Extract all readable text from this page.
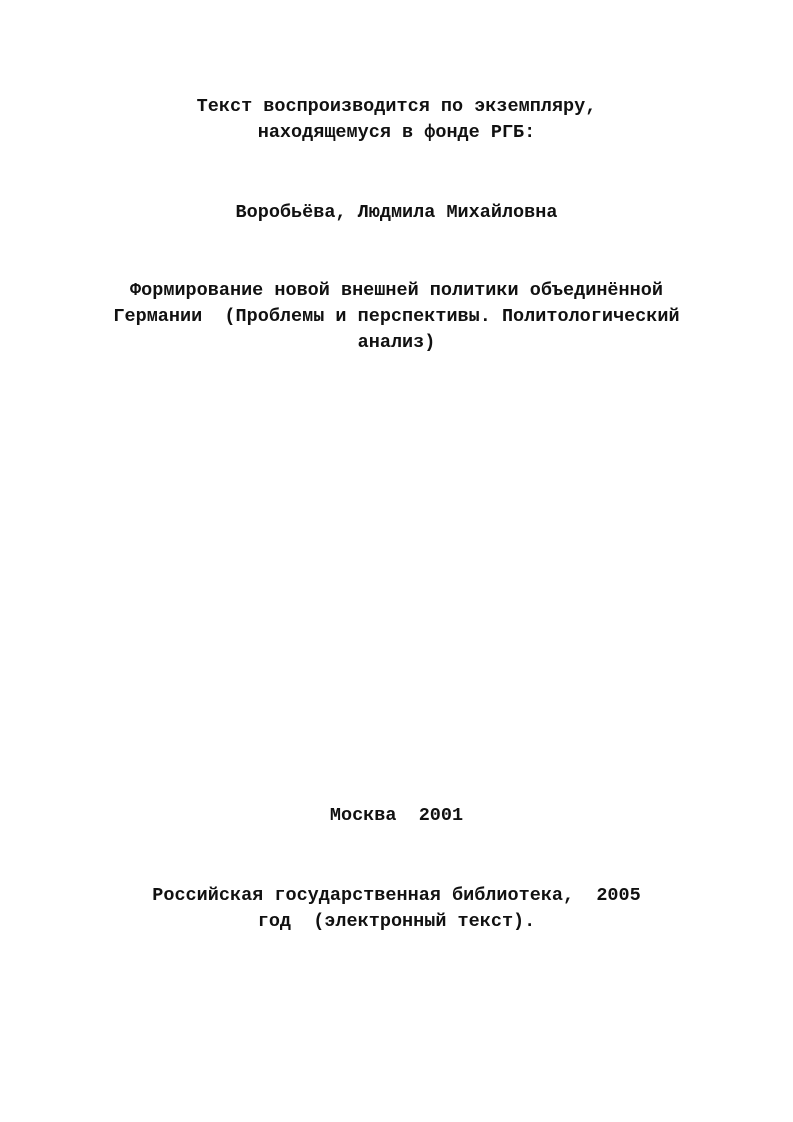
Текст воспроизводится по экземпляру,
находящемуся в фонде РГБ:
Воробьёва, Людмила Михайловна
Формирование новой внешней политики объединённой
Германии  (Проблемы и перспективы. Политологический
анализ)
Москва  2001
Российская государственная библиотека,  2005
год  (электронный текст).
